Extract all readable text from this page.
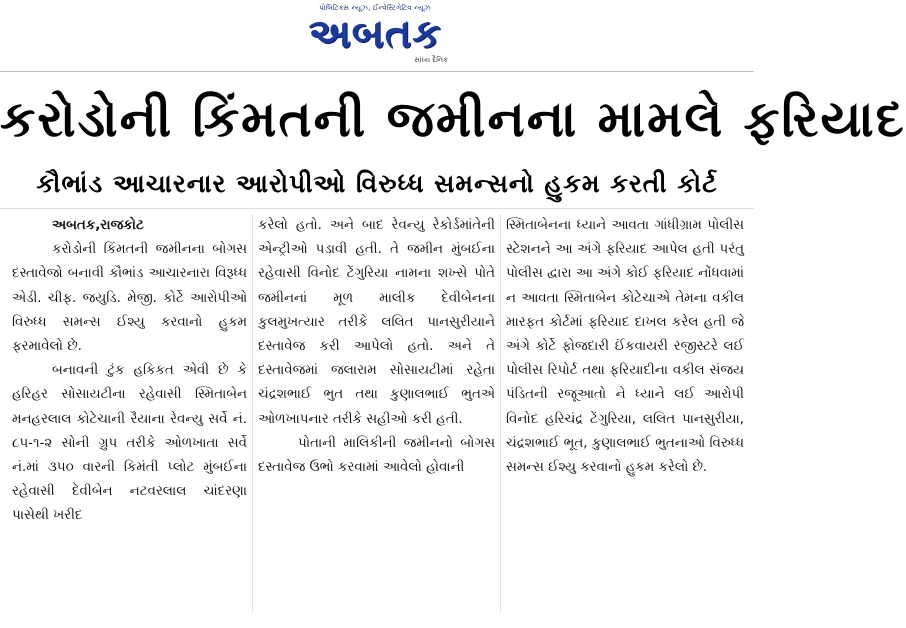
પોલિટિક્સ ન્યૂઝ, ઈન્વેસ્ટિગેટિવ ન્યૂઝ
અબતક
સાંધ્ય દૈનિક
કરોડોની કિંમતની જમીનના મામલે ફરિયાદ
કૌભાંડ આચારનાર આરોપીઓ વિરુધ્ધ સમન્સનો હુકમ કરતી કોર્ટ

અબતક,રાજકોટ

કરોડોની કિંમતની જમીનના બોગસ દસ્તાવેજો બનાવી કૌભાંડ આચારનારા વિરૂધ્ધ એડી. ચીફ. જયુડિ. મેજી. કોર્ટે આરોપીઓ વિરુધ્ધ સમન્સ ઈશ્યુ કરવાનો હુકમ ફરમાવેલો છે.

બનાવની ટુંક હકિકત એવી છે કે હરિહર સોસાયટીના રહેવાસી સ્મિતાબેન મનહરલાલ કોટેચાની રૈયાના રેવન્યુ સર્વે નં. ૮૫-૧-૨ સોની ગ્રુપ તરીકે ઓળખાતા સર્વે નં.માં ૩૫૦ વારની કિમંતી પ્લોટ મુંબઈના રહેવાસી દેવીબેન નટવરલાલ ચાંદરણા પાસેથી ખરીદ

કરેલો હતો. અને બાદ રેવન્યુ રેકોર્ડમાંતેની એન્ટ્રીઓ પડાવી હતી. તે જમીન મુંબઈના રહેવાસી વિનોદ ટેંગુરિયા નામના શખ્સે પોતે જમીનનાં મૂળ માલીક દેવીબેનના કુલમુખત્યાર તરીકે લલિત પાનસુરીયાને દસ્તાવેજ કરી આપેલો હતો. અને તે દસ્તાવેજમાં જલારામ સોસાયટીમાં રહેતા ચંદ્રશભાઈ ભુત તથા કુણાલભાઈ ભુતએ ઓળખાપનાર તરીકે સહીઓ કરી હતી.

પોતાની માલિકીની જમીનનો બોગસ દસ્તાવેજ ઉભો કરવામાં આવેલો હોવાની

સ્મિતાબેનના ધ્યાને આવતા ગાંધીગ્રામ પોલીસ સ્ટેશનને આ અંગે ફરિયાદ આપેલ હતી પરંતુ પોલીસ દ્વારા આ અંગે કોઈ ફરિયાદ નોંધવામાં ન આવતા સ્મિતાબેન કોટેચાએ તેમના વકીલ મારફત કોર્ટમાં ફરિયાદ દાખલ કરેલ હતી જે અંગે કોર્ટે ફોજદારી ઈંકવાયરી રજીસ્ટરે લઈ પોલીસ રિપોર્ટ તથા ફરિયાદીના વકીલ સંજય પંડિતની રજૂઆતો ને ધ્યાને લઈ આરોપી વિનોદ હરિચંદ્ર ટેંગુરિયા, લલિત પાનસુરીયા, ચંદ્રશભાઈ ભૂત, કુણાલભાઈ ભુતનાઓ વિરુધ્ધ સમન્સ ઈશ્યુ કરવાનો હુકમ કરેલો છે.
